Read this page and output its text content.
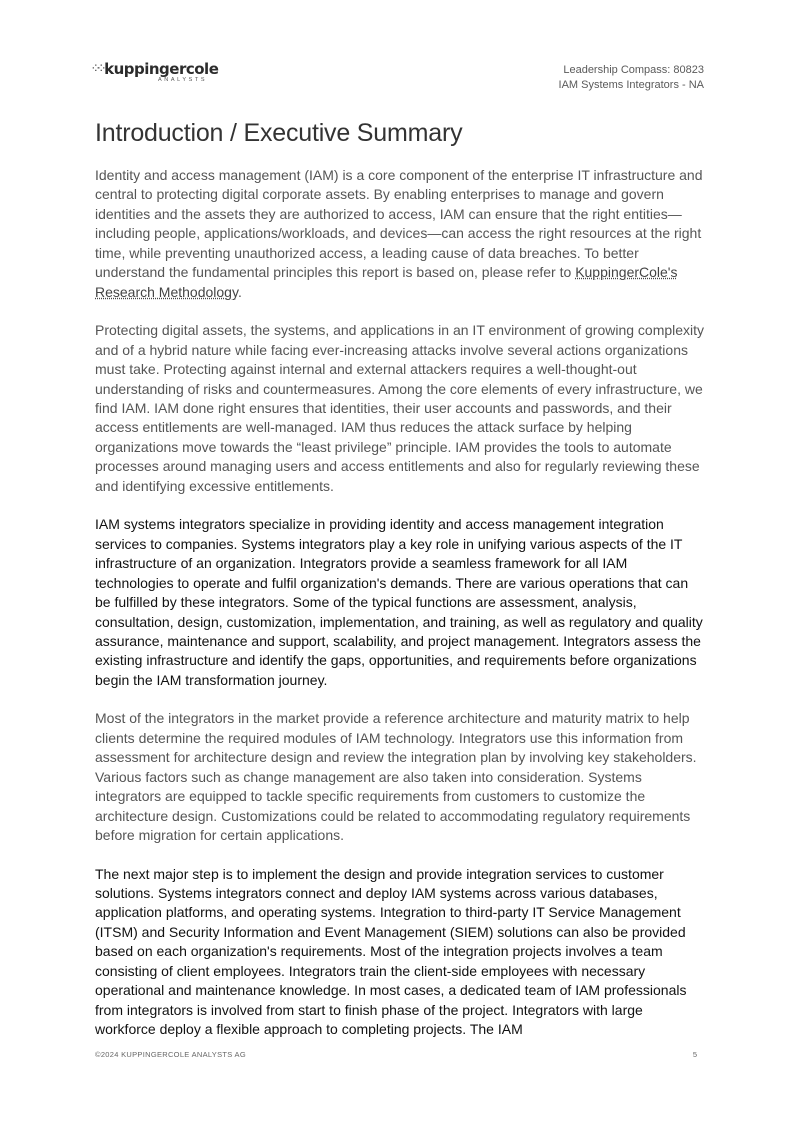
⁘⁘ kuppingercole
ANALYSTS
Leadership Compass: 80823
IAM Systems Integrators - NA
Introduction / Executive Summary

Identity and access management (IAM) is a core component of the enterprise IT infrastructure and central to protecting digital corporate assets. By enabling enterprises to manage and govern identities and the assets they are authorized to access, IAM can ensure that the right entities—including people, applications/workloads, and devices—can access the right resources at the right time, while preventing unauthorized access, a leading cause of data breaches. To better understand the fundamental principles this report is based on, please refer to KuppingerCole's Research Methodology.

Protecting digital assets, the systems, and applications in an IT environment of growing complexity and of a hybrid nature while facing ever-increasing attacks involve several actions organizations must take. Protecting against internal and external attackers requires a well-thought-out understanding of risks and countermeasures. Among the core elements of every infrastructure, we find IAM. IAM done right ensures that identities, their user accounts and passwords, and their access entitlements are well-managed. IAM thus reduces the attack surface by helping organizations move towards the “least privilege” principle. IAM provides the tools to automate processes around managing users and access entitlements and also for regularly reviewing these and identifying excessive entitlements.

IAM systems integrators specialize in providing identity and access management integration services to companies. Systems integrators play a key role in unifying various aspects of the IT infrastructure of an organization. Integrators provide a seamless framework for all IAM technologies to operate and fulfil organization's demands. There are various operations that can be fulfilled by these integrators. Some of the typical functions are assessment, analysis, consultation, design, customization, implementation, and training, as well as regulatory and quality assurance, maintenance and support, scalability, and project management. Integrators assess the existing infrastructure and identify the gaps, opportunities, and requirements before organizations begin the IAM transformation journey.

Most of the integrators in the market provide a reference architecture and maturity matrix to help clients determine the required modules of IAM technology. Integrators use this information from assessment for architecture design and review the integration plan by involving key stakeholders. Various factors such as change management are also taken into consideration. Systems integrators are equipped to tackle specific requirements from customers to customize the architecture design. Customizations could be related to accommodating regulatory requirements before migration for certain applications.

The next major step is to implement the design and provide integration services to customer solutions. Systems integrators connect and deploy IAM systems across various databases, application platforms, and operating systems. Integration to third-party IT Service Management (ITSM) and Security Information and Event Management (SIEM) solutions can also be provided based on each organization's requirements. Most of the integration projects involves a team consisting of client employees. Integrators train the client-side employees with necessary operational and maintenance knowledge. In most cases, a dedicated team of IAM professionals from integrators is involved from start to finish phase of the project. Integrators with large workforce deploy a flexible approach to completing projects. The IAM

©2024 KUPPINGERCOLE ANALYSTS AG	5
